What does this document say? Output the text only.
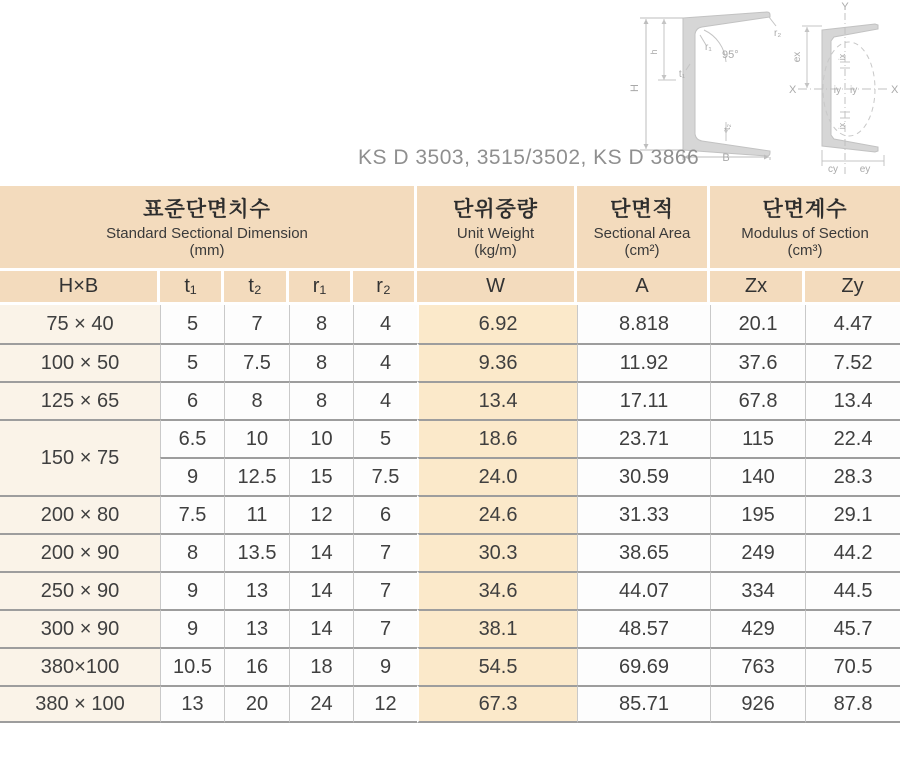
H
h	95°
r₁
r₂
t₁
t₂
B
Y
X	X
ex	ix
ix
iy iy
cy ey
KS D 3503, 3515/3502, KS D 3866
표준단면치수
Standard Sectional Dimension
(mm)

단위중량
Unit Weight
(kg/m)

단면적
Sectional Area
(cm²)

단면계수
Modulus of Section
(cm³)

H×B	t₁	t₂	r₁	r₂	W	A	Zx	Zy
75 × 40	5	7	8	4	6.92	8.818	20.1	4.47
100 × 50	5	7.5	8	4	9.36	11.92	37.6	7.52
125 × 65	6	8	8	4	13.4	17.11	67.8	13.4
150 × 75	6.5	10	10	5	18.6	23.71	115	22.4
	9	12.5	15	7.5	24.0	30.59	140	28.3
200 × 80	7.5	11	12	6	24.6	31.33	195	29.1
200 × 90	8	13.5	14	7	30.3	38.65	249	44.2
250 × 90	9	13	14	7	34.6	44.07	334	44.5
300 × 90	9	13	14	7	38.1	48.57	429	45.7
380×100	10.5	16	18	9	54.5	69.69	763	70.5
380 × 100	13	20	24	12	67.3	85.71	926	87.8
